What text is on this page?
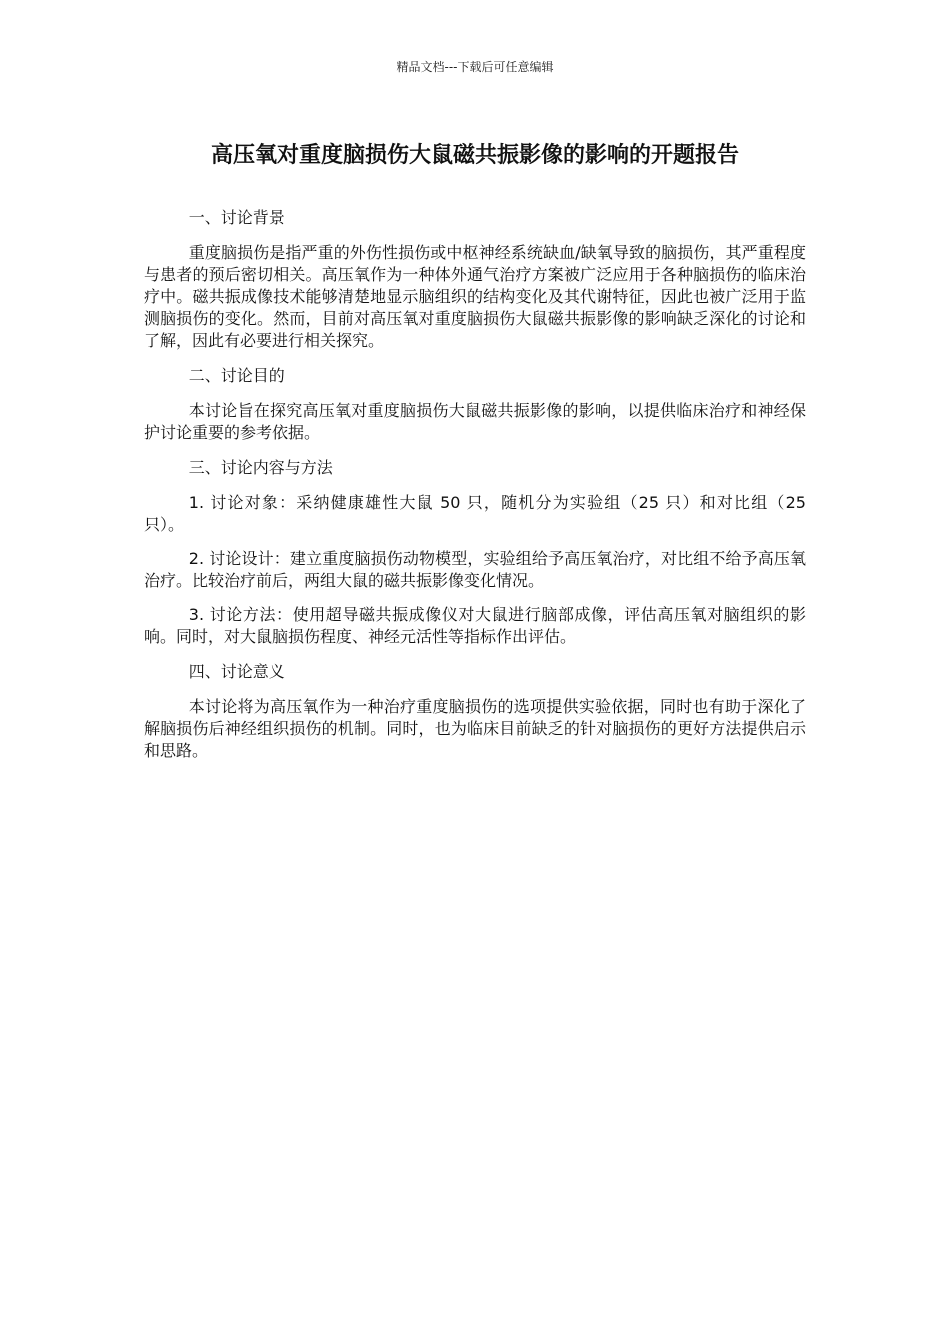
精品文档---下载后可任意编辑
高压氧对重度脑损伤大鼠磁共振影像的影响的开题报告

一、讨论背景

重度脑损伤是指严重的外伤性损伤或中枢神经系统缺血/缺氧导致的脑损伤，其严重程度与患者的预后密切相关。高压氧作为一种体外通气治疗方案被广泛应用于各种脑损伤的临床治疗中。磁共振成像技术能够清楚地显示脑组织的结构变化及其代谢特征，因此也被广泛用于监测脑损伤的变化。然而，目前对高压氧对重度脑损伤大鼠磁共振影像的影响缺乏深化的讨论和了解，因此有必要进行相关探究。

二、讨论目的

本讨论旨在探究高压氧对重度脑损伤大鼠磁共振影像的影响，以提供临床治疗和神经保护讨论重要的参考依据。

三、讨论内容与方法

1. 讨论对象：采纳健康雄性大鼠 50 只，随机分为实验组（25 只）和对比组（25 只）。

2. 讨论设计：建立重度脑损伤动物模型，实验组给予高压氧治疗，对比组不给予高压氧治疗。比较治疗前后，两组大鼠的磁共振影像变化情况。

3. 讨论方法：使用超导磁共振成像仪对大鼠进行脑部成像，评估高压氧对脑组织的影响。同时，对大鼠脑损伤程度、神经元活性等指标作出评估。

四、讨论意义

本讨论将为高压氧作为一种治疗重度脑损伤的选项提供实验依据，同时也有助于深化了解脑损伤后神经组织损伤的机制。同时，也为临床目前缺乏的针对脑损伤的更好方法提供启示和思路。
